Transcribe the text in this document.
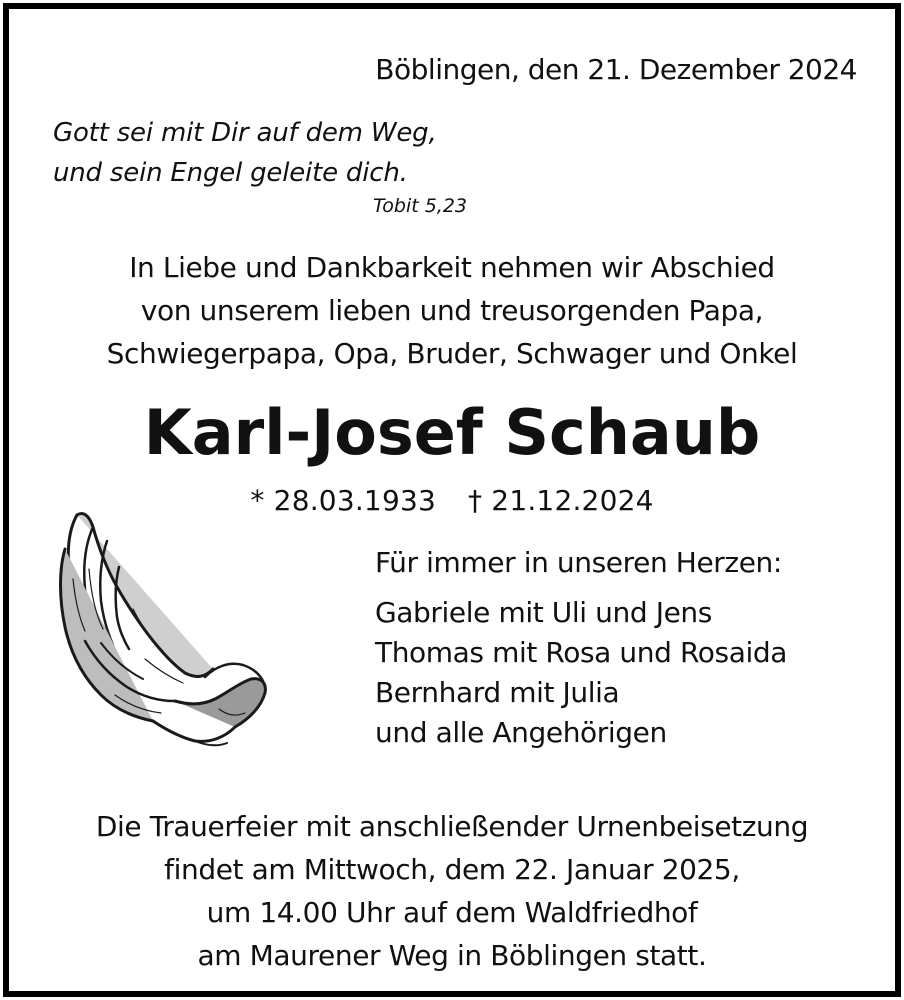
Böblingen, den 21. Dezember 2024

Gott sei mit Dir auf dem Weg,
und sein Engel geleite dich.

Tobit 5,23

In Liebe und Dankbarkeit nehmen wir Abschied

von unserem lieben und treusorgenden Papa,

Schwiegerpapa, Opa, Bruder, Schwager und Onkel

Karl-Josef Schaub
* 28.03.1933 † 21.12.2024

Für immer in unseren Herzen:

Gabriele mit Uli und Jens

Thomas mit Rosa und Rosaida

Bernhard mit Julia

und alle Angehörigen

Die Trauerfeier mit anschließender Urnenbeisetzung

findet am Mittwoch, dem 22. Januar 2025,

um 14.00 Uhr auf dem Waldfriedhof

am Maurener Weg in Böblingen statt.
